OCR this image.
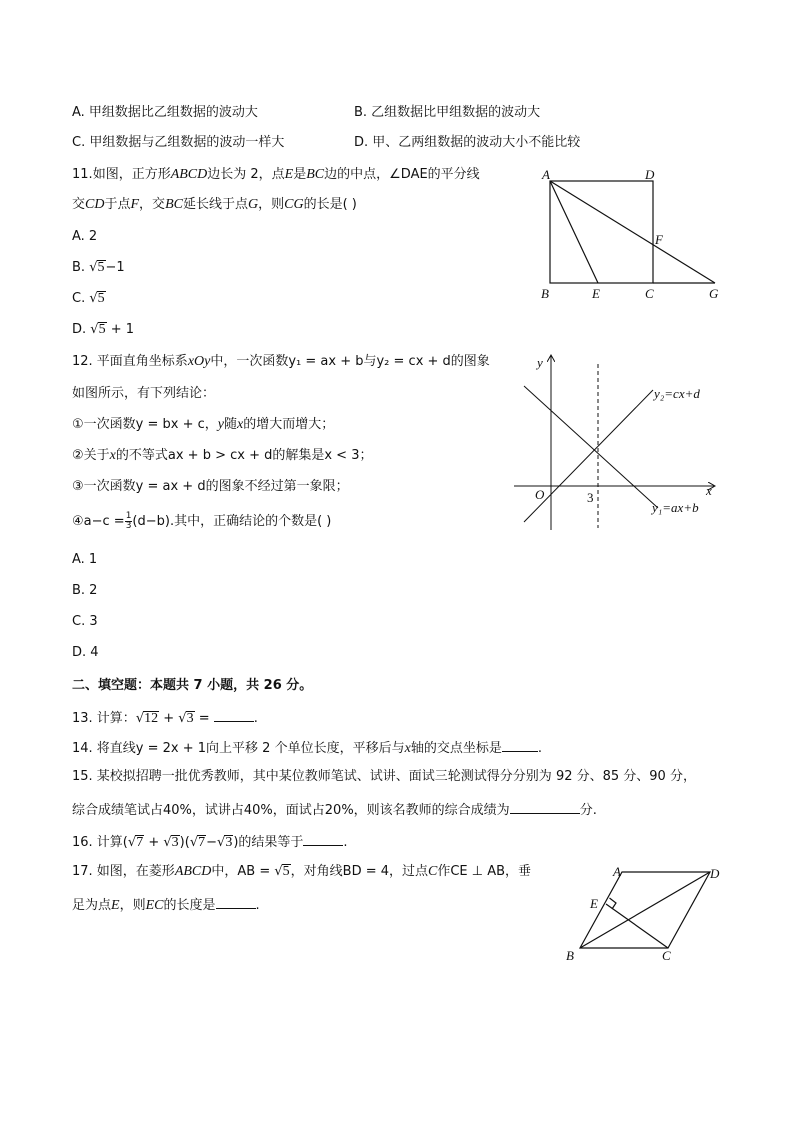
A. 甲组数据比乙组数据的波动大	B. 乙组数据比甲组数据的波动大
C. 甲组数据与乙组数据的波动一样大	D. 甲、乙两组数据的波动大小不能比较
11.如图，正方形ABCD边长为 2，点E是BC边的中点，∠DAE的平分线
交CD于点F，交BC延长线于点G，则CG的长是( )
A. 2
B. √5−1
C. √5
D. √5 + 1
A	D
F
B	E	C	G
12. 平面直角坐标系xOy中，一次函数y₁ = ax + b与y₂ = cx + d的图象
如图所示，有下列结论：
①一次函数y = bx + c，y随x的增大而增大；
②关于x的不等式ax + b > cx + d的解集是x < 3；
③一次函数y = ax + d的图象不经过第一象限；
④a−c = $\frac{1}{3} (d-b)$.其中，正确结论的个数是( )
A. 1
B. 2
C. 3
D. 4
y
x
O	3
y₂=cx+d
y₁=ax+b
二、填空题：本题共 7 小题，共 26 分。
13. 计算：√12 + √3 =	.
14. 将直线y = 2x + 1向上平移 2 个单位长度，平移后与x轴的交点坐标是	.
15. 某校拟招聘一批优秀教师，其中某位教师笔试、试讲、面试三轮测试得分分别为 92 分、85 分、90 分，
综合成绩笔试占40%，试讲占40%，面试占20%，则该名教师的综合成绩为	分.
16. 计算(√7 + √3)(√7−√3)的结果等于	.
17. 如图，在菱形ABCD中，AB = √5，对角线BD = 4，过点C作CE ⊥ AB，垂
足为点E，则EC的长度是	.
A	D
E
B	C
